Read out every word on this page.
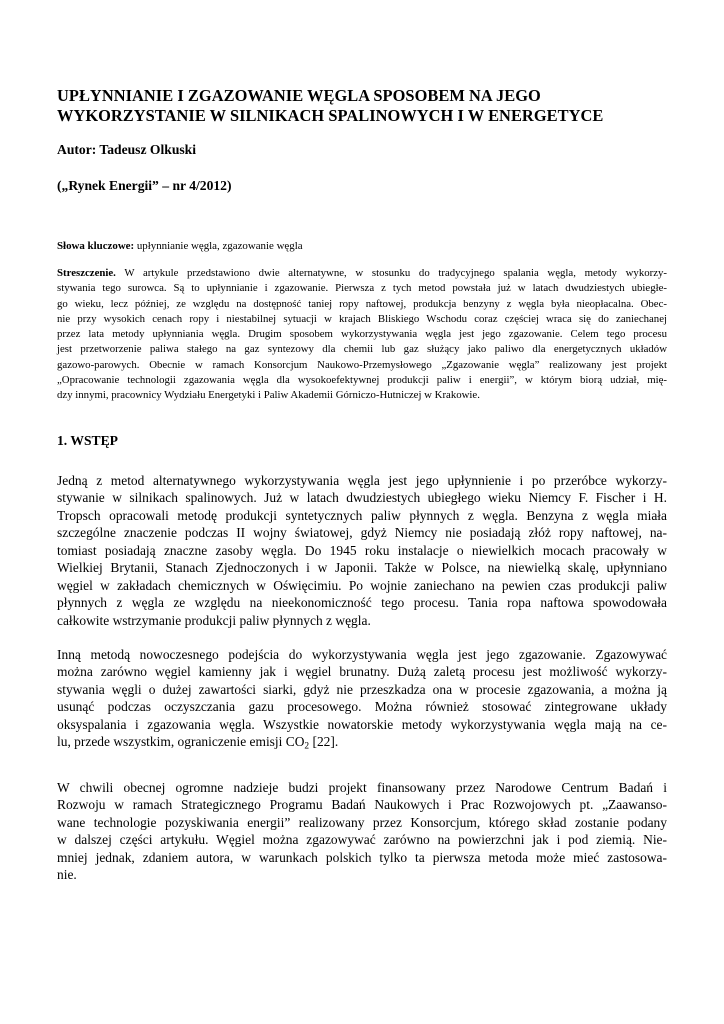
UPŁYNNIANIE I ZGAZOWANIE WĘGLA SPOSOBEM NA JEGO
WYKORZYSTANIE W SILNIKACH SPALINOWYCH I W ENERGETYCE

Autor: Tadeusz Olkuski

(„Rynek Energii” – nr 4/2012)

Słowa kluczowe: upłynnianie węgla, zgazowanie węgla

Streszczenie. W artykule przedstawiono dwie alternatywne, w stosunku do tradycyjnego spalania węgla, metody wykorzy-
stywania tego surowca. Są to upłynnianie i zgazowanie. Pierwsza z tych metod powstała już w latach dwudziestych ubiegłe-
go wieku, lecz później, ze względu na dostępność taniej ropy naftowej, produkcja benzyny z węgla była nieopłacalna. Obec-
nie przy wysokich cenach ropy i niestabilnej sytuacji w krajach Bliskiego Wschodu coraz częściej wraca się do zaniechanej
przez lata metody upłynniania węgla. Drugim sposobem wykorzystywania węgla jest jego zgazowanie. Celem tego procesu
jest przetworzenie paliwa stałego na gaz syntezowy dla chemii lub gaz służący jako paliwo dla energetycznych układów
gazowo-parowych. Obecnie w ramach Konsorcjum Naukowo-Przemysłowego „Zgazowanie węgla” realizowany jest projekt
„Opracowanie technologii zgazowania węgla dla wysokoefektywnej produkcji paliw i energii”, w którym biorą udział, mię-
dzy innymi, pracownicy Wydziału Energetyki i Paliw Akademii Górniczo-Hutniczej w Krakowie.
1. WSTĘP
Jedną z metod alternatywnego wykorzystywania węgla jest jego upłynnienie i po przeróbce wykorzy-
stywanie w silnikach spalinowych. Już w latach dwudziestych ubiegłego wieku Niemcy F. Fischer i H.
Tropsch opracowali metodę produkcji syntetycznych paliw płynnych z węgla. Benzyna z węgla miała
szczególne znaczenie podczas II wojny światowej, gdyż Niemcy nie posiadają złóż ropy naftowej, na-
tomiast posiadają znaczne zasoby węgla. Do 1945 roku instalacje o niewielkich mocach pracowały w
Wielkiej Brytanii, Stanach Zjednoczonych i w Japonii. Także w Polsce, na niewielką skalę, upłynniano
węgiel w zakładach chemicznych w Oświęcimiu. Po wojnie zaniechano na pewien czas produkcji paliw
płynnych z węgla ze względu na nieekonomiczność tego procesu. Tania ropa naftowa spowodowała
całkowite wstrzymanie produkcji paliw płynnych z węgla.
Inną metodą nowoczesnego podejścia do wykorzystywania węgla jest jego zgazowanie. Zgazowywać
można zarówno węgiel kamienny jak i węgiel brunatny. Dużą zaletą procesu jest możliwość wykorzy-
stywania węgli o dużej zawartości siarki, gdyż nie przeszkadza ona w procesie zgazowania, a można ją
usunąć podczas oczyszczania gazu procesowego. Można również stosować zintegrowane układy
oksyspalania i zgazowania węgla. Wszystkie nowatorskie metody wykorzystywania węgla mają na ce-
lu, przede wszystkim, ograniczenie emisji $CO_2$ [22].
W chwili obecnej ogromne nadzieje budzi projekt finansowany przez Narodowe Centrum Badań i
Rozwoju w ramach Strategicznego Programu Badań Naukowych i Prac Rozwojowych pt. „Zaawanso-
wane technologie pozyskiwania energii” realizowany przez Konsorcjum, którego skład zostanie podany
w dalszej części artykułu. Węgiel można zgazowywać zarówno na powierzchni jak i pod ziemią. Nie-
mniej jednak, zdaniem autora, w warunkach polskich tylko ta pierwsza metoda może mieć zastosowa-
nie.
